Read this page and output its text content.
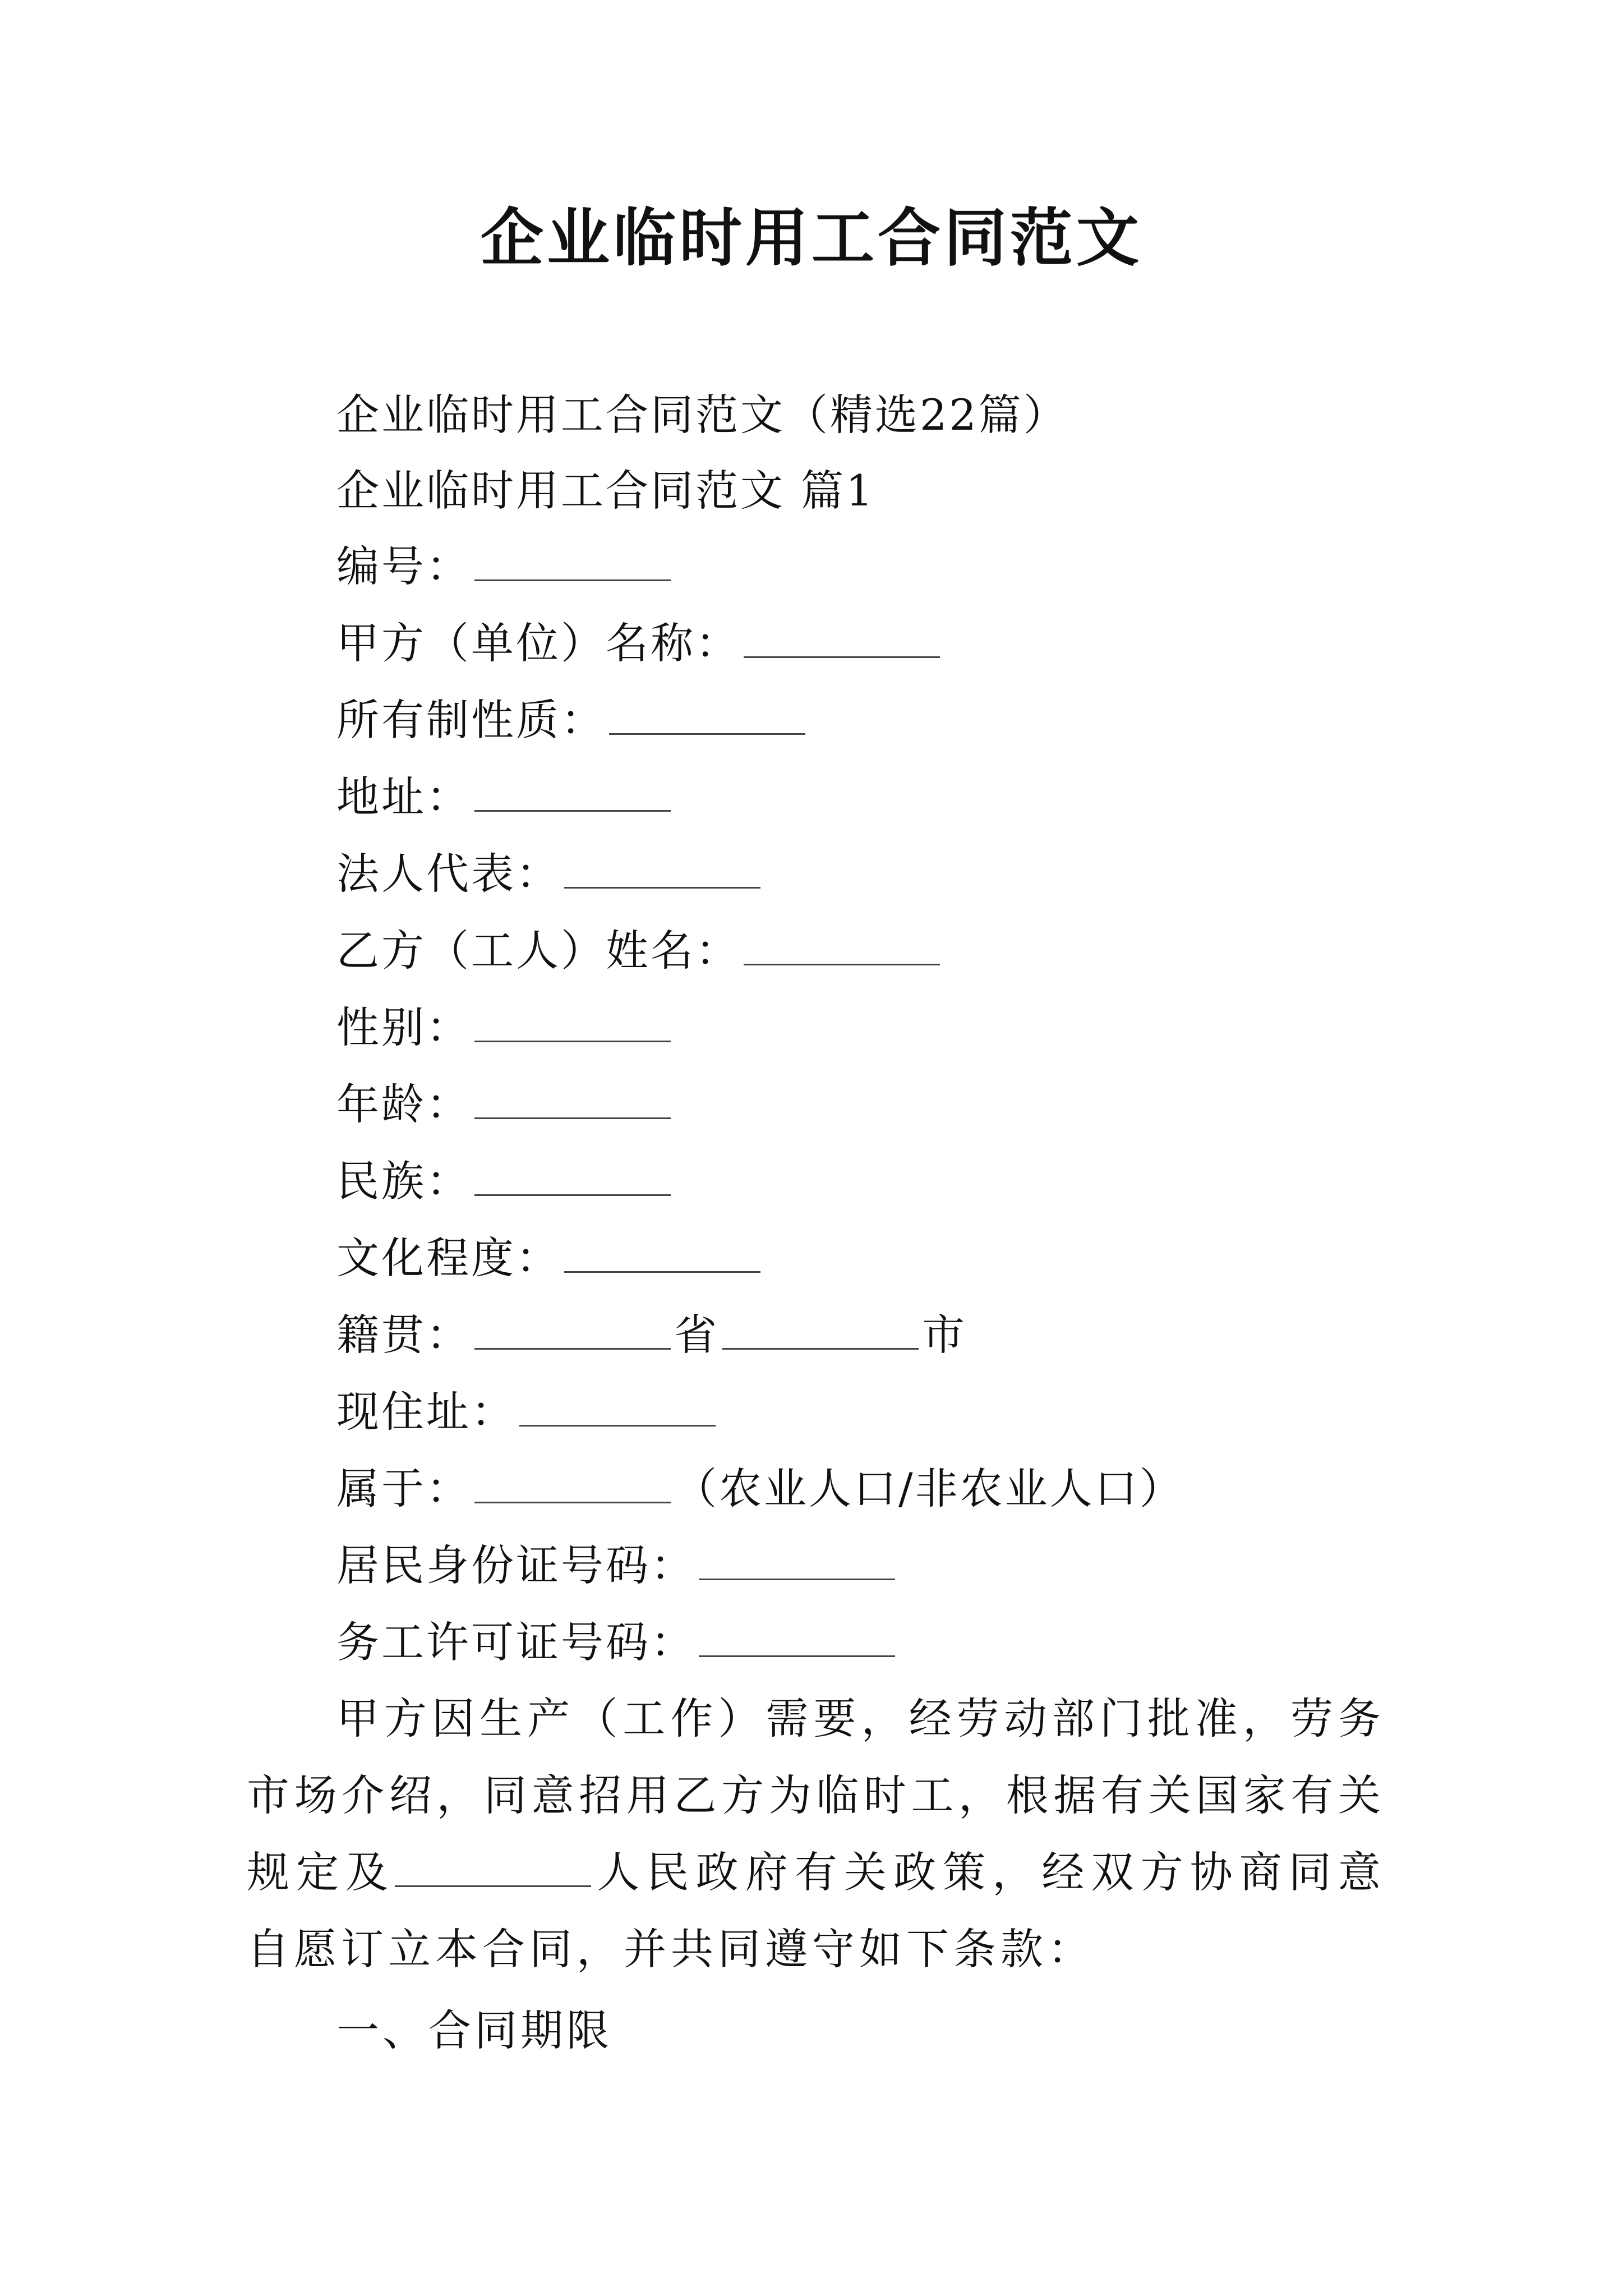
企业临时用工合同范文
企业临时用工合同范文（精选22篇）
企业临时用工合同范文 篇1
编号：
甲方（单位）名称：
所有制性质：
地址：
法人代表：
乙方（工人）姓名：
性别：
年龄：
民族：
文化程度：
籍贯：	省	市
现住址：
属于：	（农业人口/非农业人口）
居民身份证号码：
务工许可证号码：
甲方因生产（工作）需要，经劳动部门批准，劳务市场介绍，同意招用乙方为临时工，根据有关国家有关规定及	人民政府有关政策，经双方协商同意自愿订立本合同，并共同遵守如下条款：
一、合同期限
